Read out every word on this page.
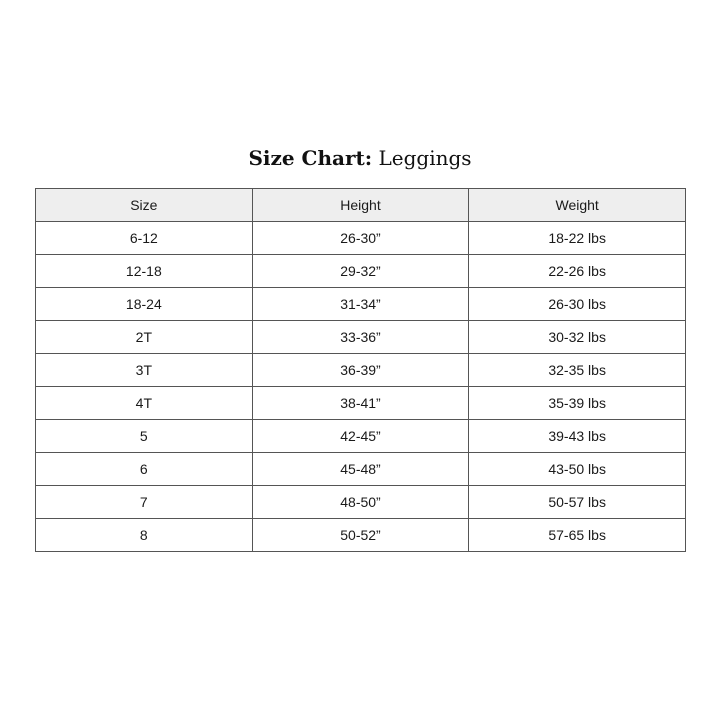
Size Chart: Leggings
Size	Height	Weight
6-12	26-30”	18-22 lbs
12-18	29-32”	22-26 lbs
18-24	31-34”	26-30 lbs
2T	33-36”	30-32 lbs
3T	36-39”	32-35 lbs
4T	38-41”	35-39 lbs
5	42-45”	39-43 lbs
6	45-48”	43-50 lbs
7	48-50”	50-57 lbs
8	50-52”	57-65 lbs
